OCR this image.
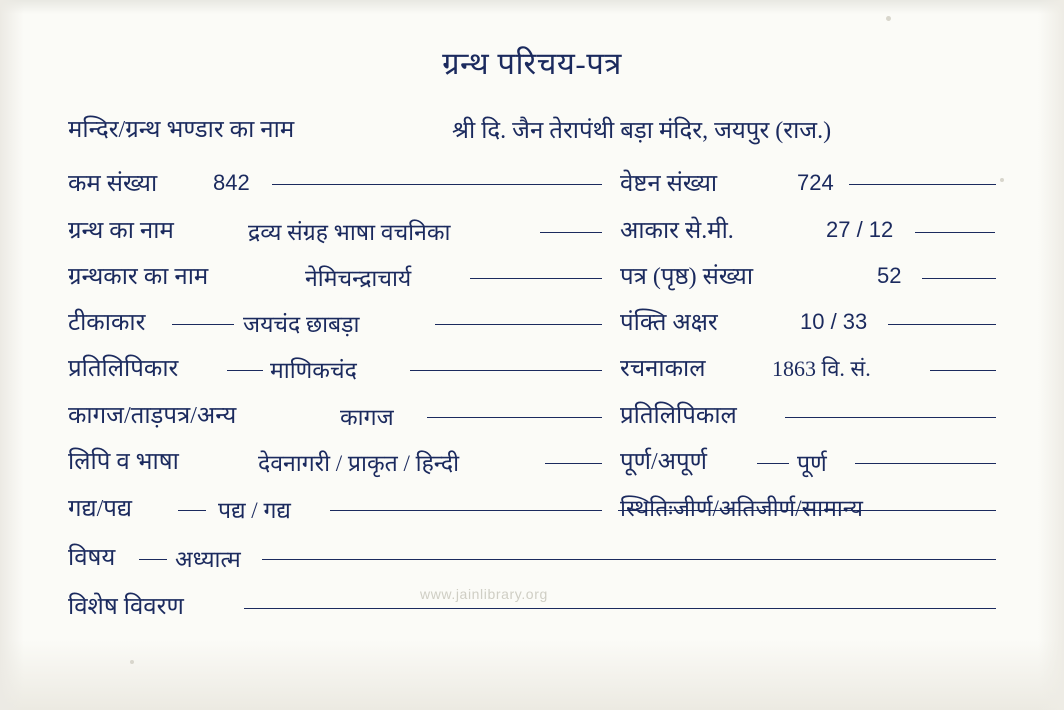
ग्रन्थ परिचय-पत्र
मन्दिर/ग्रन्थ भण्डार का नाम	श्री दि. जैन तेरापंथी बड़ा मंदिर, जयपुर (राज.)
कम संख्या	842	वेष्टन संख्या	724
ग्रन्थ का नाम	द्रव्य संग्रह भाषा वचनिका	आकार से.मी.	27 / 12
ग्रन्थकार का नाम	नेमिचन्द्राचार्य	पत्र (पृष्ठ) संख्या	52
टीकाकार	जयचंद छाबड़ा	पंक्ति अक्षर	10 / 33
प्रतिलिपिकार	माणिकचंद	रचनाकाल	1863 वि. सं.
कागज/ताड़पत्र/अन्य	कागज	प्रतिलिपिकाल
लिपि व भाषा	देवनागरी / प्राकृत / हिन्दी	पूर्ण/अपूर्ण	पूर्ण
गद्य/पद्य	पद्य / गद्य	स्थितिःजीर्ण/अतिजीर्ण/सामान्य
विषय	अध्यात्म
विशेष विवरण	www.jainlibrary.org
